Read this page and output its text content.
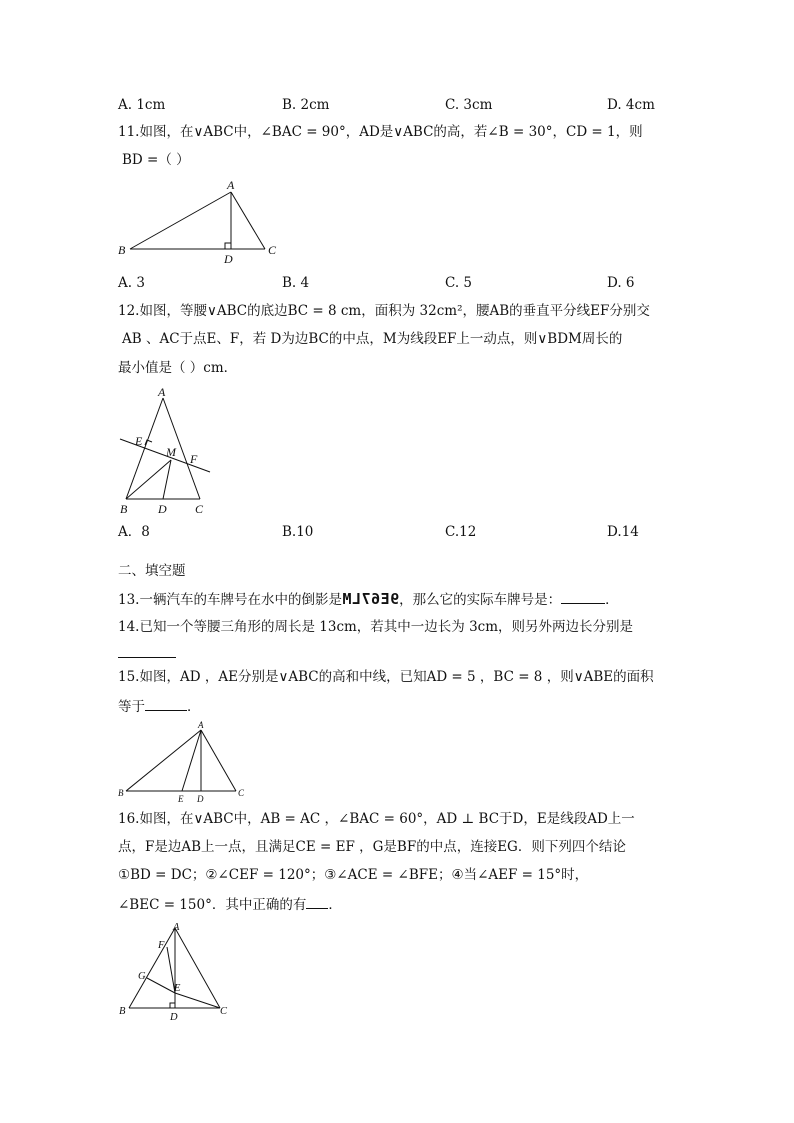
A. 1cm	B. 2cm	C. 3cm	D. 4cm
11.如图，在∨ABC中，∠BAC = 90°，AD是∨ABC的高，若∠B = 30°，CD = 1，则
BD =（ ）
A
B	C
D
A. 3	B. 4	C. 5	D. 6
12.如图，等腰∨ABC的底边BC = 8 cm，面积为 32cm²，腰AB的垂直平分线EF分别交
AB 、AC于点E、F，若 D为边BC的中点，M为线段EF上一动点，则∨BDM周长的
最小值是（ ）cm．
A
E
M F
B	D C
A．8	B.10	C.12	D.14
二、填空题
13.一辆汽车的车牌号在水中的倒影是9E67LM，那么它的实际车牌号是：	．
14.已知一个等腰三角形的周长是 13cm，若其中一边长为 3cm，则另外两边长分别是
15.如图，AD ，AE分别是∨ABC的高和中线，已知AD = 5 ，BC = 8 ，则∨ABE的面积
等于	．
A
B	C
E D
16.如图，在∨ABC中，AB = AC ，∠BAC = 60°，AD ⊥ BC于D，E是线段AD上一
点，F是边AB上一点，且满足CE = EF ，G是BF的中点，连接EG．则下列四个结论
①BD = DC；②∠CEF = 120°；③∠ACE = ∠BFE；④当∠AEF = 15°时，
∠BEC = 150°．其中正确的有 ．
A
F
G
E
B	C
D
